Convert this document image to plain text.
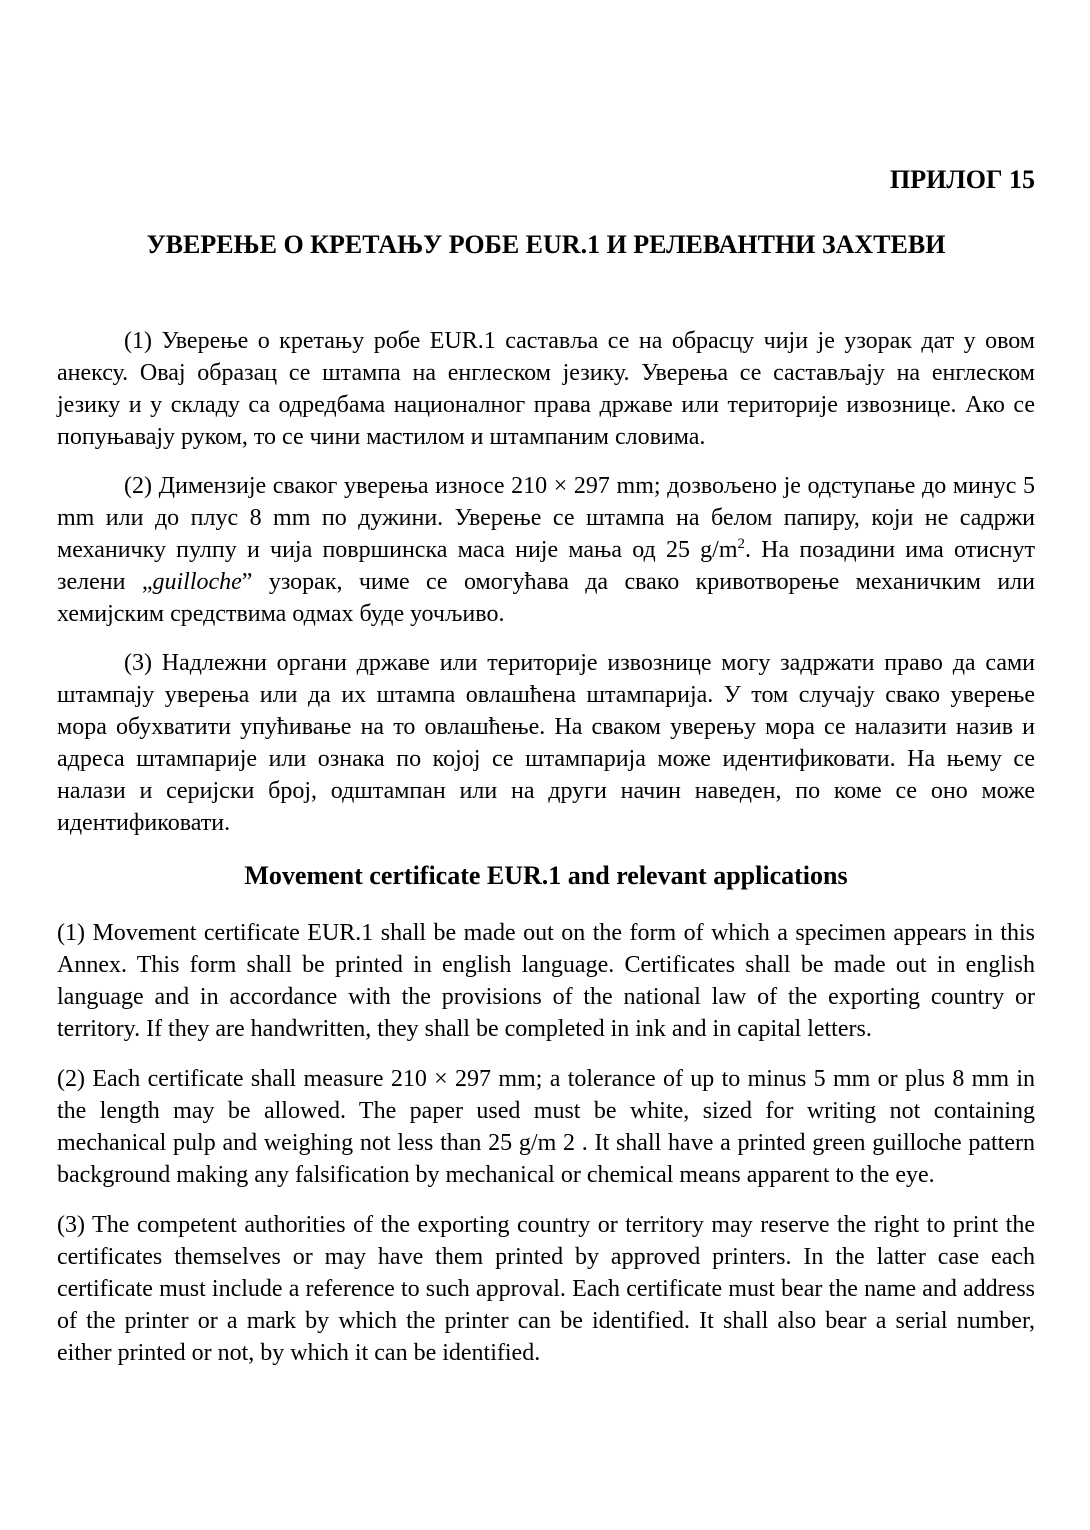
ПРИЛОГ 15
УВЕРЕЊЕ О КРЕТАЊУ РОБЕ EUR.1 И РЕЛЕВАНТНИ ЗАХТЕВИ

(1) Уверење о кретању робе EUR.1 саставља се на обрасцу чији је узорак дат у овом анексу. Овај образац се штампа на енглеском језику. Уверења се састављају на енглеском језику и у складу са одредбама националног права државе или територије извознице. Ако се попуњавају руком, то се чини мастилом и штампаним словима.

(2) Димензије сваког уверења износе 210 × 297 mm; дозвољено је одступање до минус 5 mm или до плус 8 mm по дужини. Уверење се штампа на белом папиру, који не садржи механичку пулпу и чија површинска маса није мања од 25 $g/m^2$. На позадини има отиснут зелени „guilloche” узорак, чиме се омогућава да свако кривотворење механичким или хемијским средствима одмах буде уочљиво.

(3) Надлежни органи државе или територије извознице могу задржати право да сами штампају уверења или да их штампа овлашћена штампарија. У том случају свако уверење мора обухватити упућивање на то овлашћење. На сваком уверењу мора се налазити назив и адреса штампарије или ознака по којој се штампарија може идентификовати. На њему се налази и серијски број, одштампан или на други начин наведен, по коме се оно може идентификовати.

Movement certificate EUR.1 and relevant applications

(1) Movement certificate EUR.1 shall be made out on the form of which a specimen appears in this Annex. This form shall be printed in english language. Certificates shall be made out in english language and in accordance with the provisions of the national law of the exporting country or territory. If they are handwritten, they shall be completed in ink and in capital letters.

(2) Each certificate shall measure 210 × 297 mm; a tolerance of up to minus 5 mm or plus 8 mm in the length may be allowed. The paper used must be white, sized for writing not containing mechanical pulp and weighing not less than 25 g/m 2 . It shall have a printed green guilloche pattern background making any falsification by mechanical or chemical means apparent to the eye.

(3) The competent authorities of the exporting country or territory may reserve the right to print the certificates themselves or may have them printed by approved printers. In the latter case each certificate must include a reference to such approval. Each certificate must bear the name and address of the printer or a mark by which the printer can be identified. It shall also bear a serial number, either printed or not, by which it can be identified.
